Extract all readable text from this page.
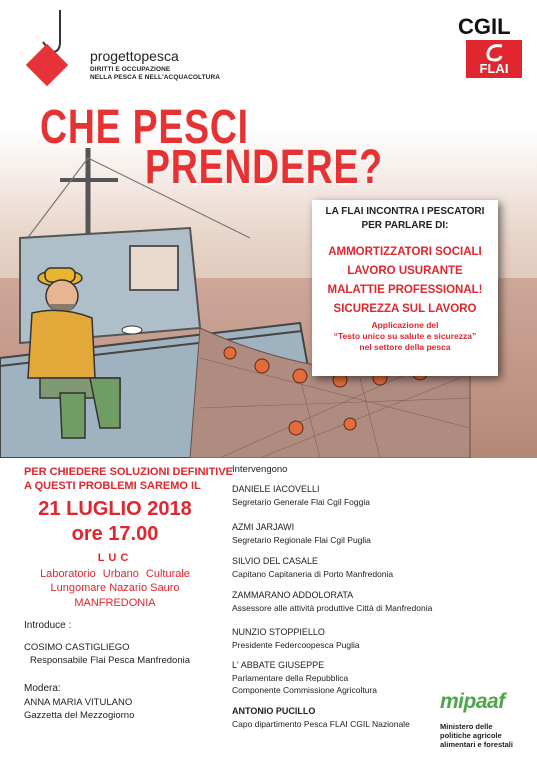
progettopesca
DIRITTI E OCCUPAZIONE
NELLA PESCA E NELL'ACQUACOLTURA
CGIL
FLAI
CHE PESCI
PRENDERE?
LA FLAI INCONTRA I PESCATORI
PER PARLARE DI:
AMMORTIZZATORI SOCIALI
LAVORO USURANTE
MALATTIE PROFESSIONAL!
SICUREZZA SUL LAVORO
Applicazione del
“Testo unico su salute e sicurezza”
nel settore della pesca
PER CHIEDERE SOLUZIONI DEFINITIVE
A QUESTI PROBLEMI SAREMO IL
21 LUGLIO 2018
ore 17.00
LUC
Laboratorio Urbano Culturale
Lungomare Nazario Sauro
MANFREDONIA
Introduce :
COSIMO CASTIGLIEGO
Responsabile Flai Pesca Manfredonia
Modera:
ANNA MARIA VITULANO
Gazzetta del Mezzogiorno
Intervengono
DANIELE IACOVELLI
Segretario Generale Flai Cgil Foggia
AZMI JARJAWI
Segretario Regionale Flai Cgil Puglia
SILVIO DEL CASALE
Capitano Capitaneria di Porto Manfredonia
ZAMMARANO ADDOLORATA
Assessore alle attività produttive Città di Manfredonia
NUNZIO STOPPIELLO
Presidente Federcoopesca Puglia
L' ABBATE GIUSEPPE
Parlamentare della Repubblica
Componente Commissione Agricoltura
ANTONIO PUCILLO
Capo dipartimento Pesca FLAI CGIL Nazionale
mipaaf
Ministero delle
politiche agricole
alimentari e forestali
